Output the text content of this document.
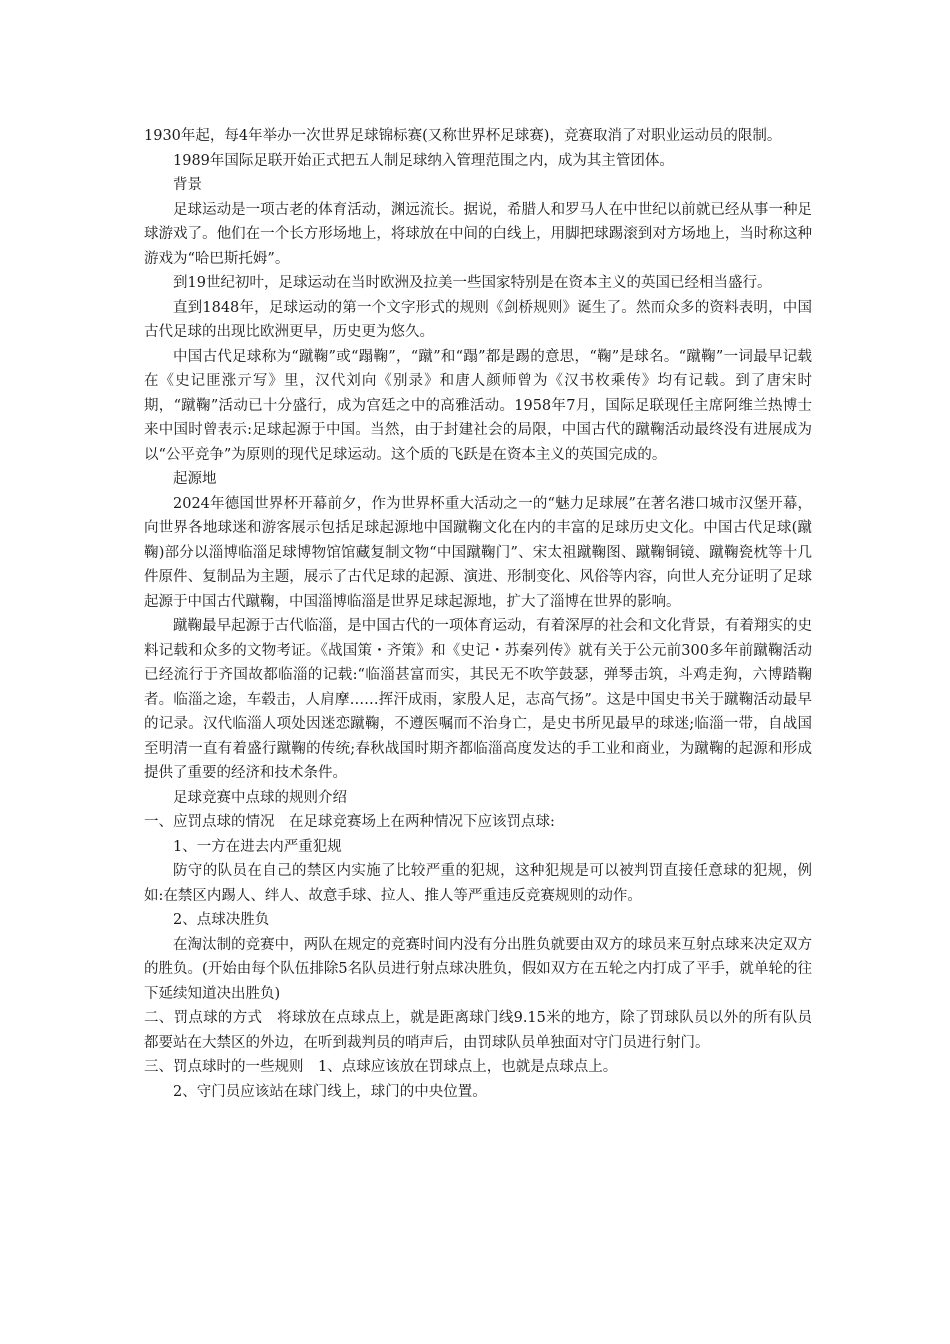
1930年起，每4年举办一次世界足球锦标赛(又称世界杯足球赛)，竞赛取消了对职业运动员的限制。

1989年国际足联开始正式把五人制足球纳入管理范围之内，成为其主管团体。

背景

足球运动是一项古老的体育活动，渊远流长。据说，希腊人和罗马人在中世纪以前就已经从事一种足球游戏了。他们在一个长方形场地上，将球放在中间的白线上，用脚把球踢滚到对方场地上，当时称这种游戏为“哈巴斯托姆”。

到19世纪初叶，足球运动在当时欧洲及拉美一些国家特别是在资本主义的英国已经相当盛行。

直到1848年，足球运动的第一个文字形式的规则《剑桥规则》诞生了。然而众多的资料表明，中国古代足球的出现比欧洲更早，历史更为悠久。

中国古代足球称为“蹴鞠”或“蹋鞠”，“蹴”和“蹋”都是踢的意思，“鞠”是球名。“蹴鞠”一词最早记载在《史记匪涨亓写》里，汉代刘向《别录》和唐人颜师曾为《汉书枚乘传》均有记载。到了唐宋时期，“蹴鞠”活动已十分盛行，成为宫廷之中的高雅活动。1958年7月，国际足联现任主席阿维兰热博士来中国时曾表示:足球起源于中国。当然，由于封建社会的局限，中国古代的蹴鞠活动最终没有进展成为以“公平竞争”为原则的现代足球运动。这个质的飞跃是在资本主义的英国完成的。

起源地

2024年德国世界杯开幕前夕，作为世界杯重大活动之一的“魅力足球展”在著名港口城市汉堡开幕，向世界各地球迷和游客展示包括足球起源地中国蹴鞠文化在内的丰富的足球历史文化。中国古代足球(蹴鞠)部分以淄博临淄足球博物馆馆藏复制文物“中国蹴鞠门”、宋太祖蹴鞠图、蹴鞠铜镜、蹴鞠瓷枕等十几件原件、复制品为主题，展示了古代足球的起源、演进、形制变化、风俗等内容，向世人充分证明了足球起源于中国古代蹴鞠，中国淄博临淄是世界足球起源地，扩大了淄博在世界的影响。

蹴鞠最早起源于古代临淄，是中国古代的一项体育运动，有着深厚的社会和文化背景，有着翔实的史料记载和众多的文物考证。《战国策・齐策》和《史记・苏秦列传》就有关于公元前300多年前蹴鞠活动已经流行于齐国故都临淄的记载:“临淄甚富而实，其民无不吹竽鼓瑟，弹琴击筑，斗鸡走狗，六博踏鞠者。临淄之途，车毂击，人肩摩……挥汗成雨，家殷人足，志高气扬”。这是中国史书关于蹴鞠活动最早的记录。汉代临淄人项处因迷恋蹴鞠，不遵医嘱而不治身亡，是史书所见最早的球迷;临淄一带，自战国至明清一直有着盛行蹴鞠的传统;春秋战国时期齐都临淄高度发达的手工业和商业，为蹴鞠的起源和形成提供了重要的经济和技术条件。

足球竞赛中点球的规则介绍

一、应罚点球的情况　在足球竞赛场上在两种情况下应该罚点球:

1、一方在进去内严重犯规

防守的队员在自己的禁区内实施了比较严重的犯规，这种犯规是可以被判罚直接任意球的犯规，例如:在禁区内踢人、绊人、故意手球、拉人、推人等严重违反竞赛规则的动作。

2、点球决胜负

在淘汰制的竞赛中，两队在规定的竞赛时间内没有分出胜负就要由双方的球员来互射点球来决定双方的胜负。(开始由每个队伍排除5名队员进行射点球决胜负，假如双方在五轮之内打成了平手，就单轮的往下延续知道决出胜负)

二、罚点球的方式　将球放在点球点上，就是距离球门线9.15米的地方，除了罚球队员以外的所有队员都要站在大禁区的外边，在听到裁判员的哨声后，由罚球队员单独面对守门员进行射门。

三、罚点球时的一些规则　1、点球应该放在罚球点上，也就是点球点上。

2、守门员应该站在球门线上，球门的中央位置。
